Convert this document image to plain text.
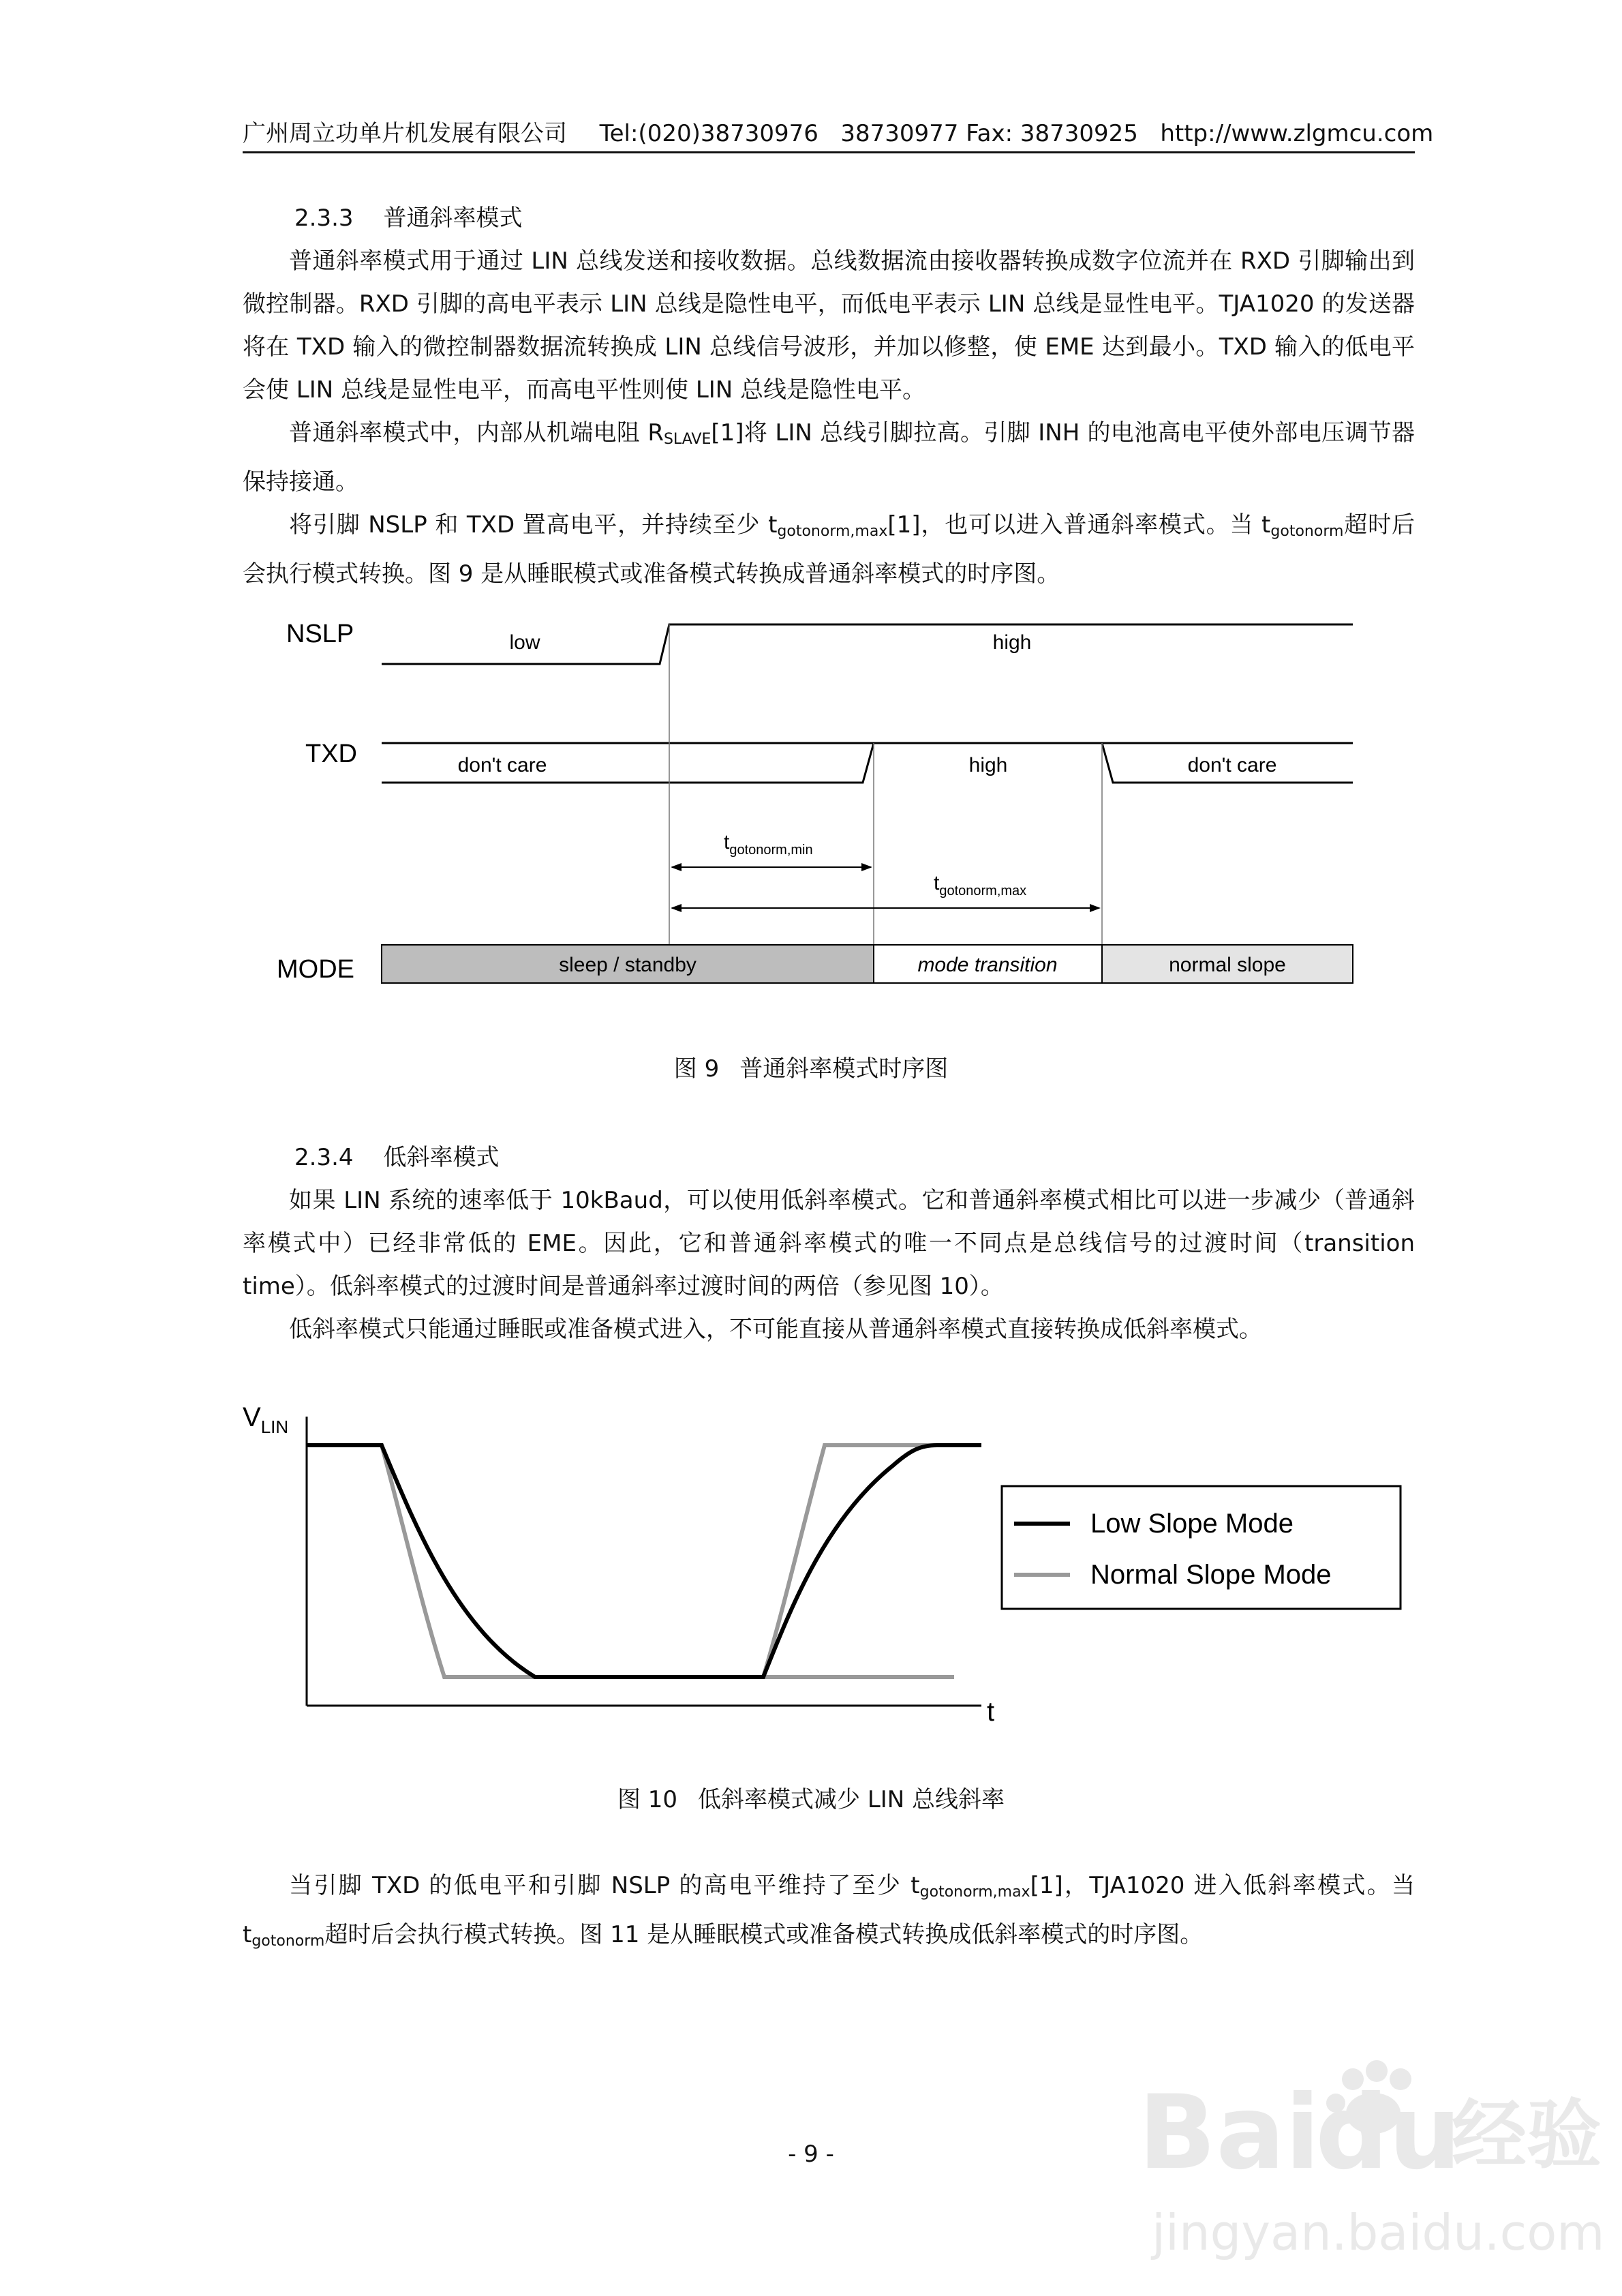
广州周立功单片机发展有限公司 Tel:(020)38730976   38730977 Fax: 38730925   http://www.zlgmcu.com
2.3.3 普通斜率模式

普通斜率模式用于通过 LIN 总线发送和接收数据。总线数据流由接收器转换成数字位流并在 RXD 引脚输出到微控制器。RXD 引脚的高电平表示 LIN 总线是隐性电平，而低电平表示 LIN 总线是显性电平。TJA1020 的发送器将在 TXD 输入的微控制器数据流转换成 LIN 总线信号波形，并加以修整，使 EME 达到最小。TXD 输入的低电平会使 LIN 总线是显性电平，而高电平性则使 LIN 总线是隐性电平。

普通斜率模式中，内部从机端电阻 $R_{SLAVE}[1]$将 LIN 总线引脚拉高。引脚 INH 的电池高电平使外部电压调节器保持接通。

将引脚 NSLP 和 TXD 置高电平，并持续至少 $t_{gotonorm,max}[1]$，也可以进入普通斜率模式。当 $t_{gotonorm}$超时后会执行模式转换。图 9 是从睡眠模式或准备模式转换成普通斜率模式的时序图。

NSLP	low	high
TXD	don't care	high	don't care
$t_{gotonorm,min}$
$t_{gotonorm,max}$
MODE	sleep / standby	mode transition	normal slope
图 9 普通斜率模式时序图
2.3.4 低斜率模式

如果 LIN 系统的速率低于 10kBaud，可以使用低斜率模式。它和普通斜率模式相比可以进一步减少（普通斜率模式中）已经非常低的 EME。因此，它和普通斜率模式的唯一不同点是总线信号的过渡时间（transition time）。低斜率模式的过渡时间是普通斜率过渡时间的两倍（参见图 10）。

低斜率模式只能通过睡眠或准备模式进入，不可能直接从普通斜率模式直接转换成低斜率模式。

$V_{LIN}$
t
Low Slope Mode
Normal Slope Mode
图 10 低斜率模式减少 LIN 总线斜率

当引脚 TXD 的低电平和引脚 NSLP 的高电平维持了至少 $t_{gotonorm,max}[1]$，TJA1020 进入低斜率模式。当 $t_{gotonorm}$超时后会执行模式转换。图 11 是从睡眠模式或准备模式转换成低斜率模式的时序图。

- 9 -	Bai
du
经验
jingyan.baidu.com
